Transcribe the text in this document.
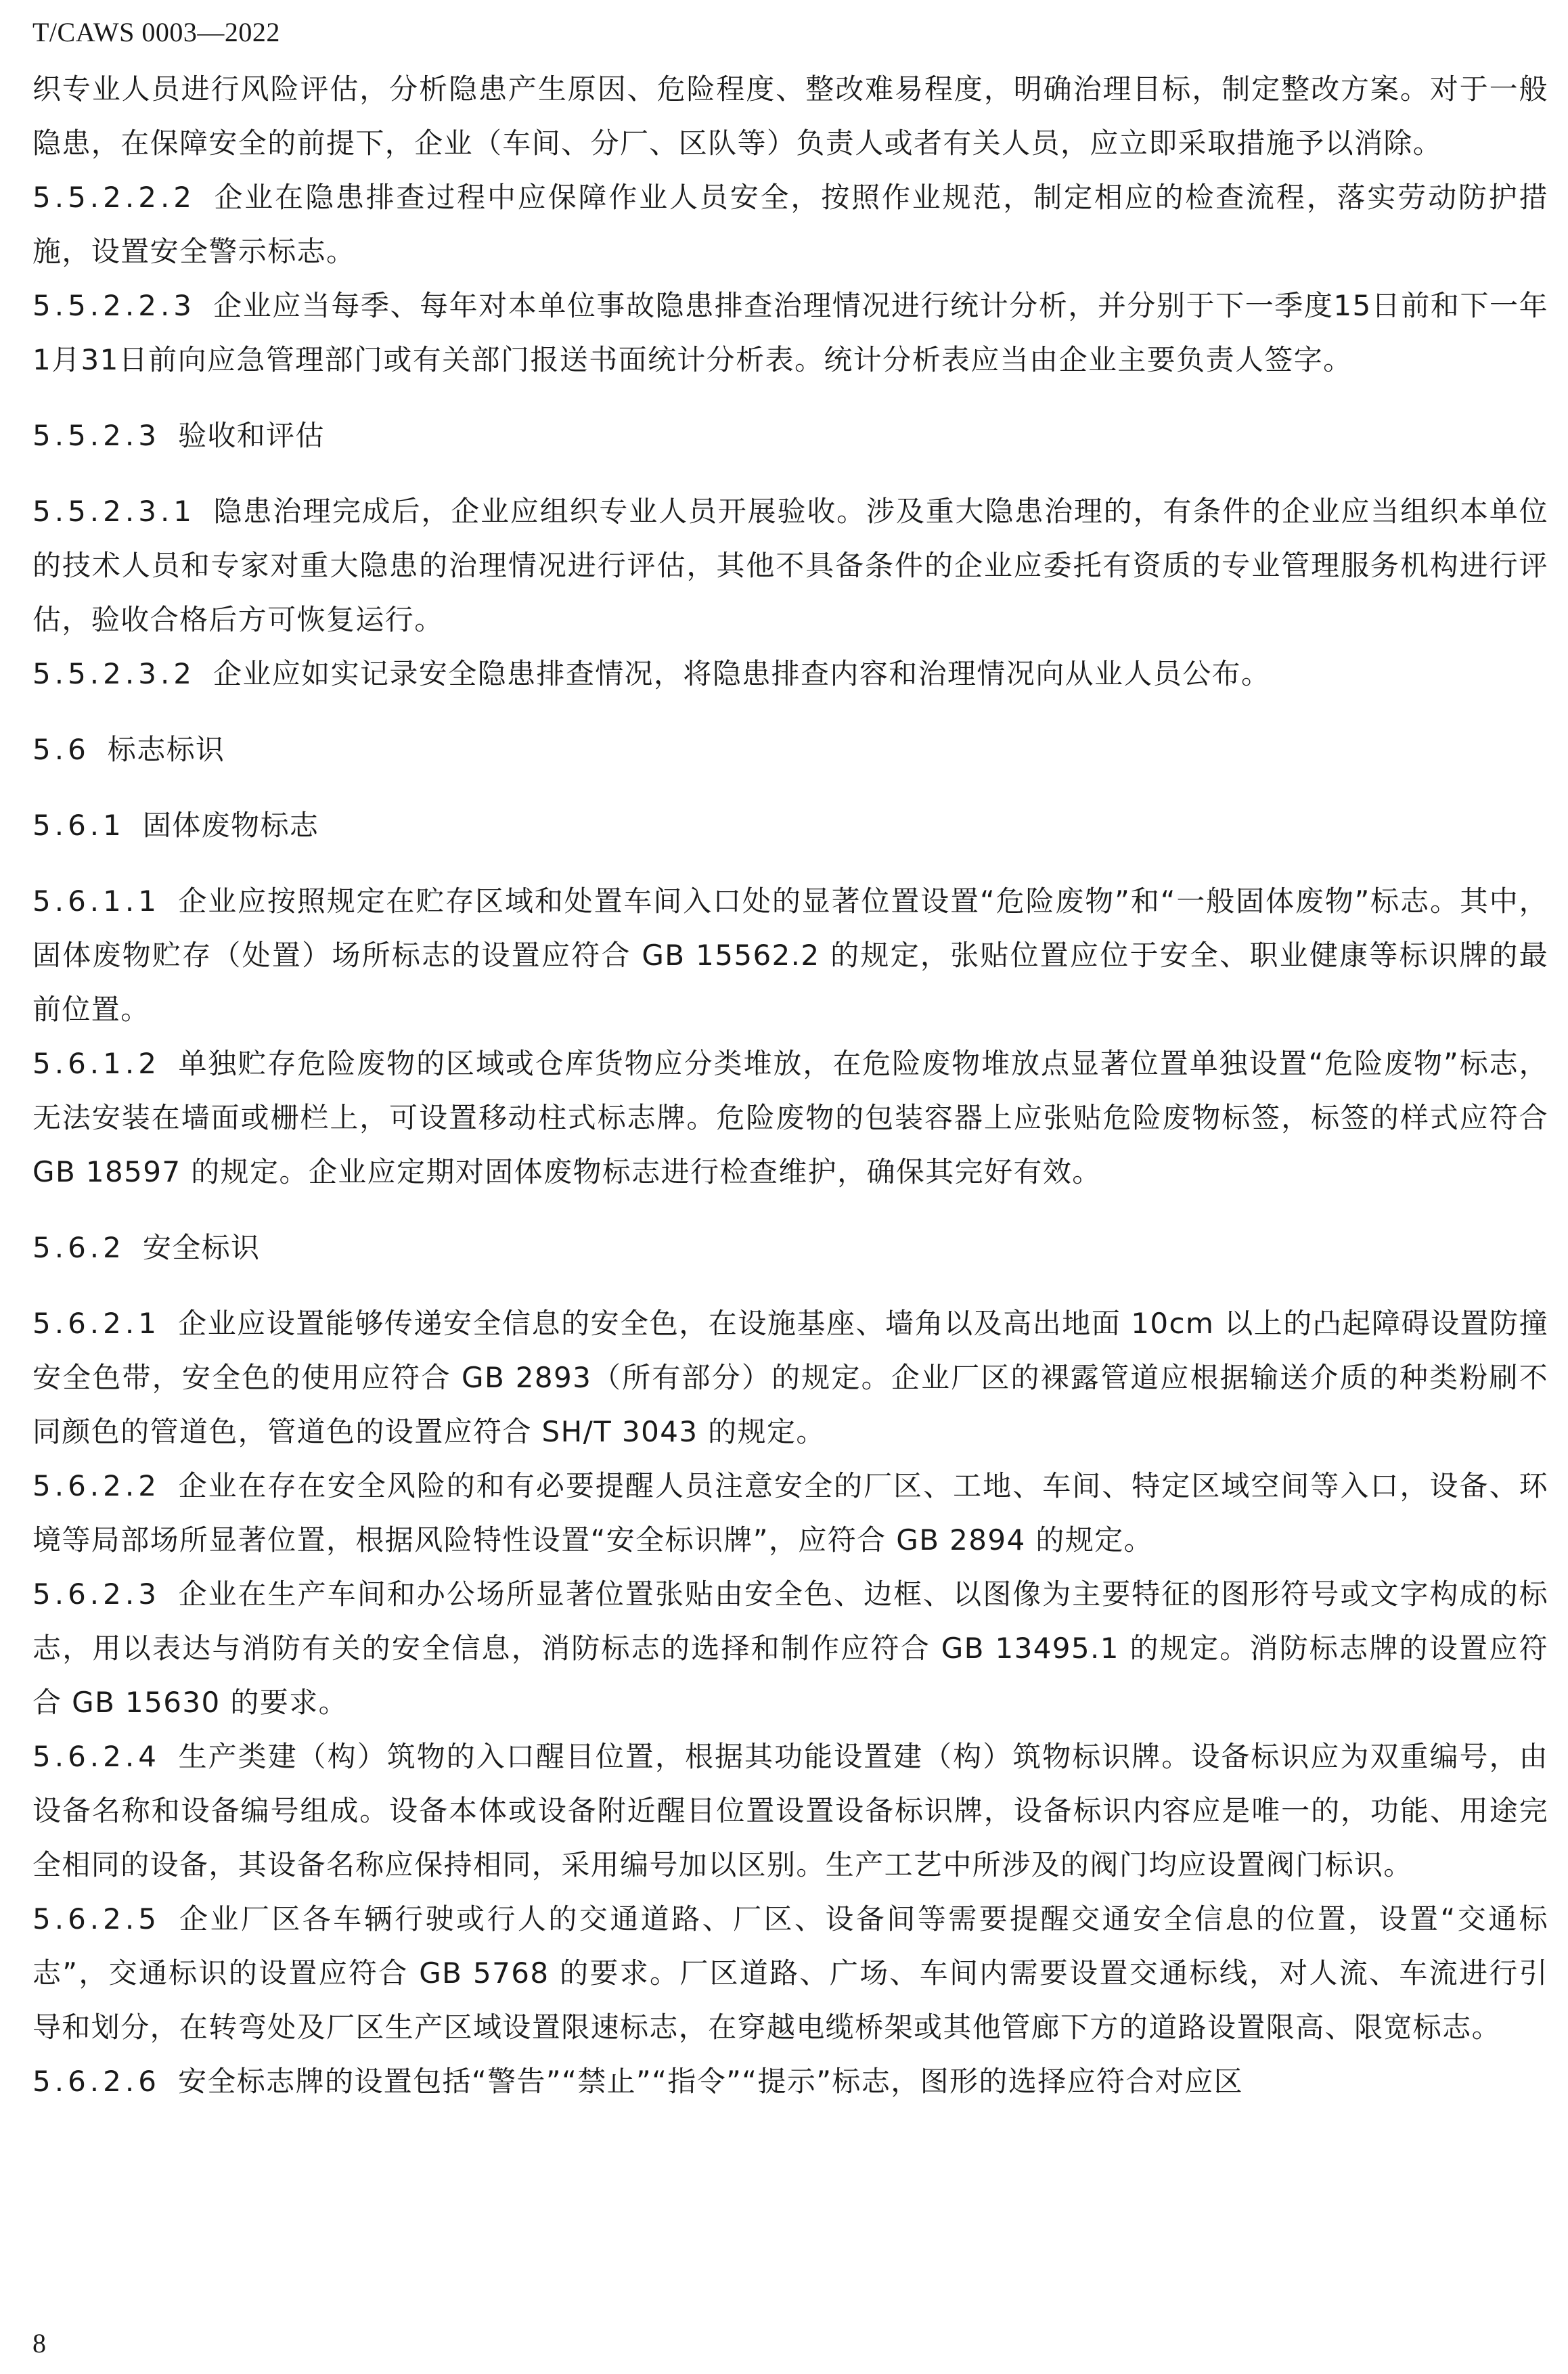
T/CAWS 0003—2022

织专业人员进行风险评估，分析隐患产生原因、危险程度、整改难易程度，明确治理目标，制定整改方案。对于一般隐患，在保障安全的前提下，企业（车间、分厂、区队等）负责人或者有关人员，应立即采取措施予以消除。

5.5.2.2.2 企业在隐患排查过程中应保障作业人员安全，按照作业规范，制定相应的检查流程，落实劳动防护措施，设置安全警示标志。

5.5.2.2.3 企业应当每季、每年对本单位事故隐患排查治理情况进行统计分析，并分别于下一季度15日前和下一年1月31日前向应急管理部门或有关部门报送书面统计分析表。统计分析表应当由企业主要负责人签字。

5.5.2.3 验收和评估

5.5.2.3.1 隐患治理完成后，企业应组织专业人员开展验收。涉及重大隐患治理的，有条件的企业应当组织本单位的技术人员和专家对重大隐患的治理情况进行评估，其他不具备条件的企业应委托有资质的专业管理服务机构进行评估，验收合格后方可恢复运行。

5.5.2.3.2 企业应如实记录安全隐患排查情况，将隐患排查内容和治理情况向从业人员公布。

5.6 标志标识

5.6.1 固体废物标志

5.6.1.1 企业应按照规定在贮存区域和处置车间入口处的显著位置设置“危险废物”和“一般固体废物”标志。其中，固体废物贮存（处置）场所标志的设置应符合 GB 15562.2 的规定，张贴位置应位于安全、职业健康等标识牌的最前位置。

5.6.1.2 单独贮存危险废物的区域或仓库货物应分类堆放，在危险废物堆放点显著位置单独设置“危险废物”标志，无法安装在墙面或栅栏上，可设置移动柱式标志牌。危险废物的包装容器上应张贴危险废物标签，标签的样式应符合 GB 18597 的规定。企业应定期对固体废物标志进行检查维护，确保其完好有效。

5.6.2 安全标识

5.6.2.1 企业应设置能够传递安全信息的安全色，在设施基座、墙角以及高出地面 10cm 以上的凸起障碍设置防撞安全色带，安全色的使用应符合 GB 2893（所有部分）的规定。企业厂区的裸露管道应根据输送介质的种类粉刷不同颜色的管道色，管道色的设置应符合 SH/T 3043 的规定。

5.6.2.2 企业在存在安全风险的和有必要提醒人员注意安全的厂区、工地、车间、特定区域空间等入口，设备、环境等局部场所显著位置，根据风险特性设置“安全标识牌”，应符合 GB 2894 的规定。

5.6.2.3 企业在生产车间和办公场所显著位置张贴由安全色、边框、以图像为主要特征的图形符号或文字构成的标志，用以表达与消防有关的安全信息，消防标志的选择和制作应符合 GB 13495.1 的规定。消防标志牌的设置应符合 GB 15630 的要求。

5.6.2.4 生产类建（构）筑物的入口醒目位置，根据其功能设置建（构）筑物标识牌。设备标识应为双重编号，由设备名称和设备编号组成。设备本体或设备附近醒目位置设置设备标识牌，设备标识内容应是唯一的，功能、用途完全相同的设备，其设备名称应保持相同，采用编号加以区别。生产工艺中所涉及的阀门均应设置阀门标识。

5.6.2.5 企业厂区各车辆行驶或行人的交通道路、厂区、设备间等需要提醒交通安全信息的位置，设置“交通标志”，交通标识的设置应符合 GB 5768 的要求。厂区道路、广场、车间内需要设置交通标线，对人流、车流进行引导和划分，在转弯处及厂区生产区域设置限速标志，在穿越电缆桥架或其他管廊下方的道路设置限高、限宽标志。

5.6.2.6 安全标志牌的设置包括“警告”“禁止”“指令”“提示”标志，图形的选择应符合对应区

8
